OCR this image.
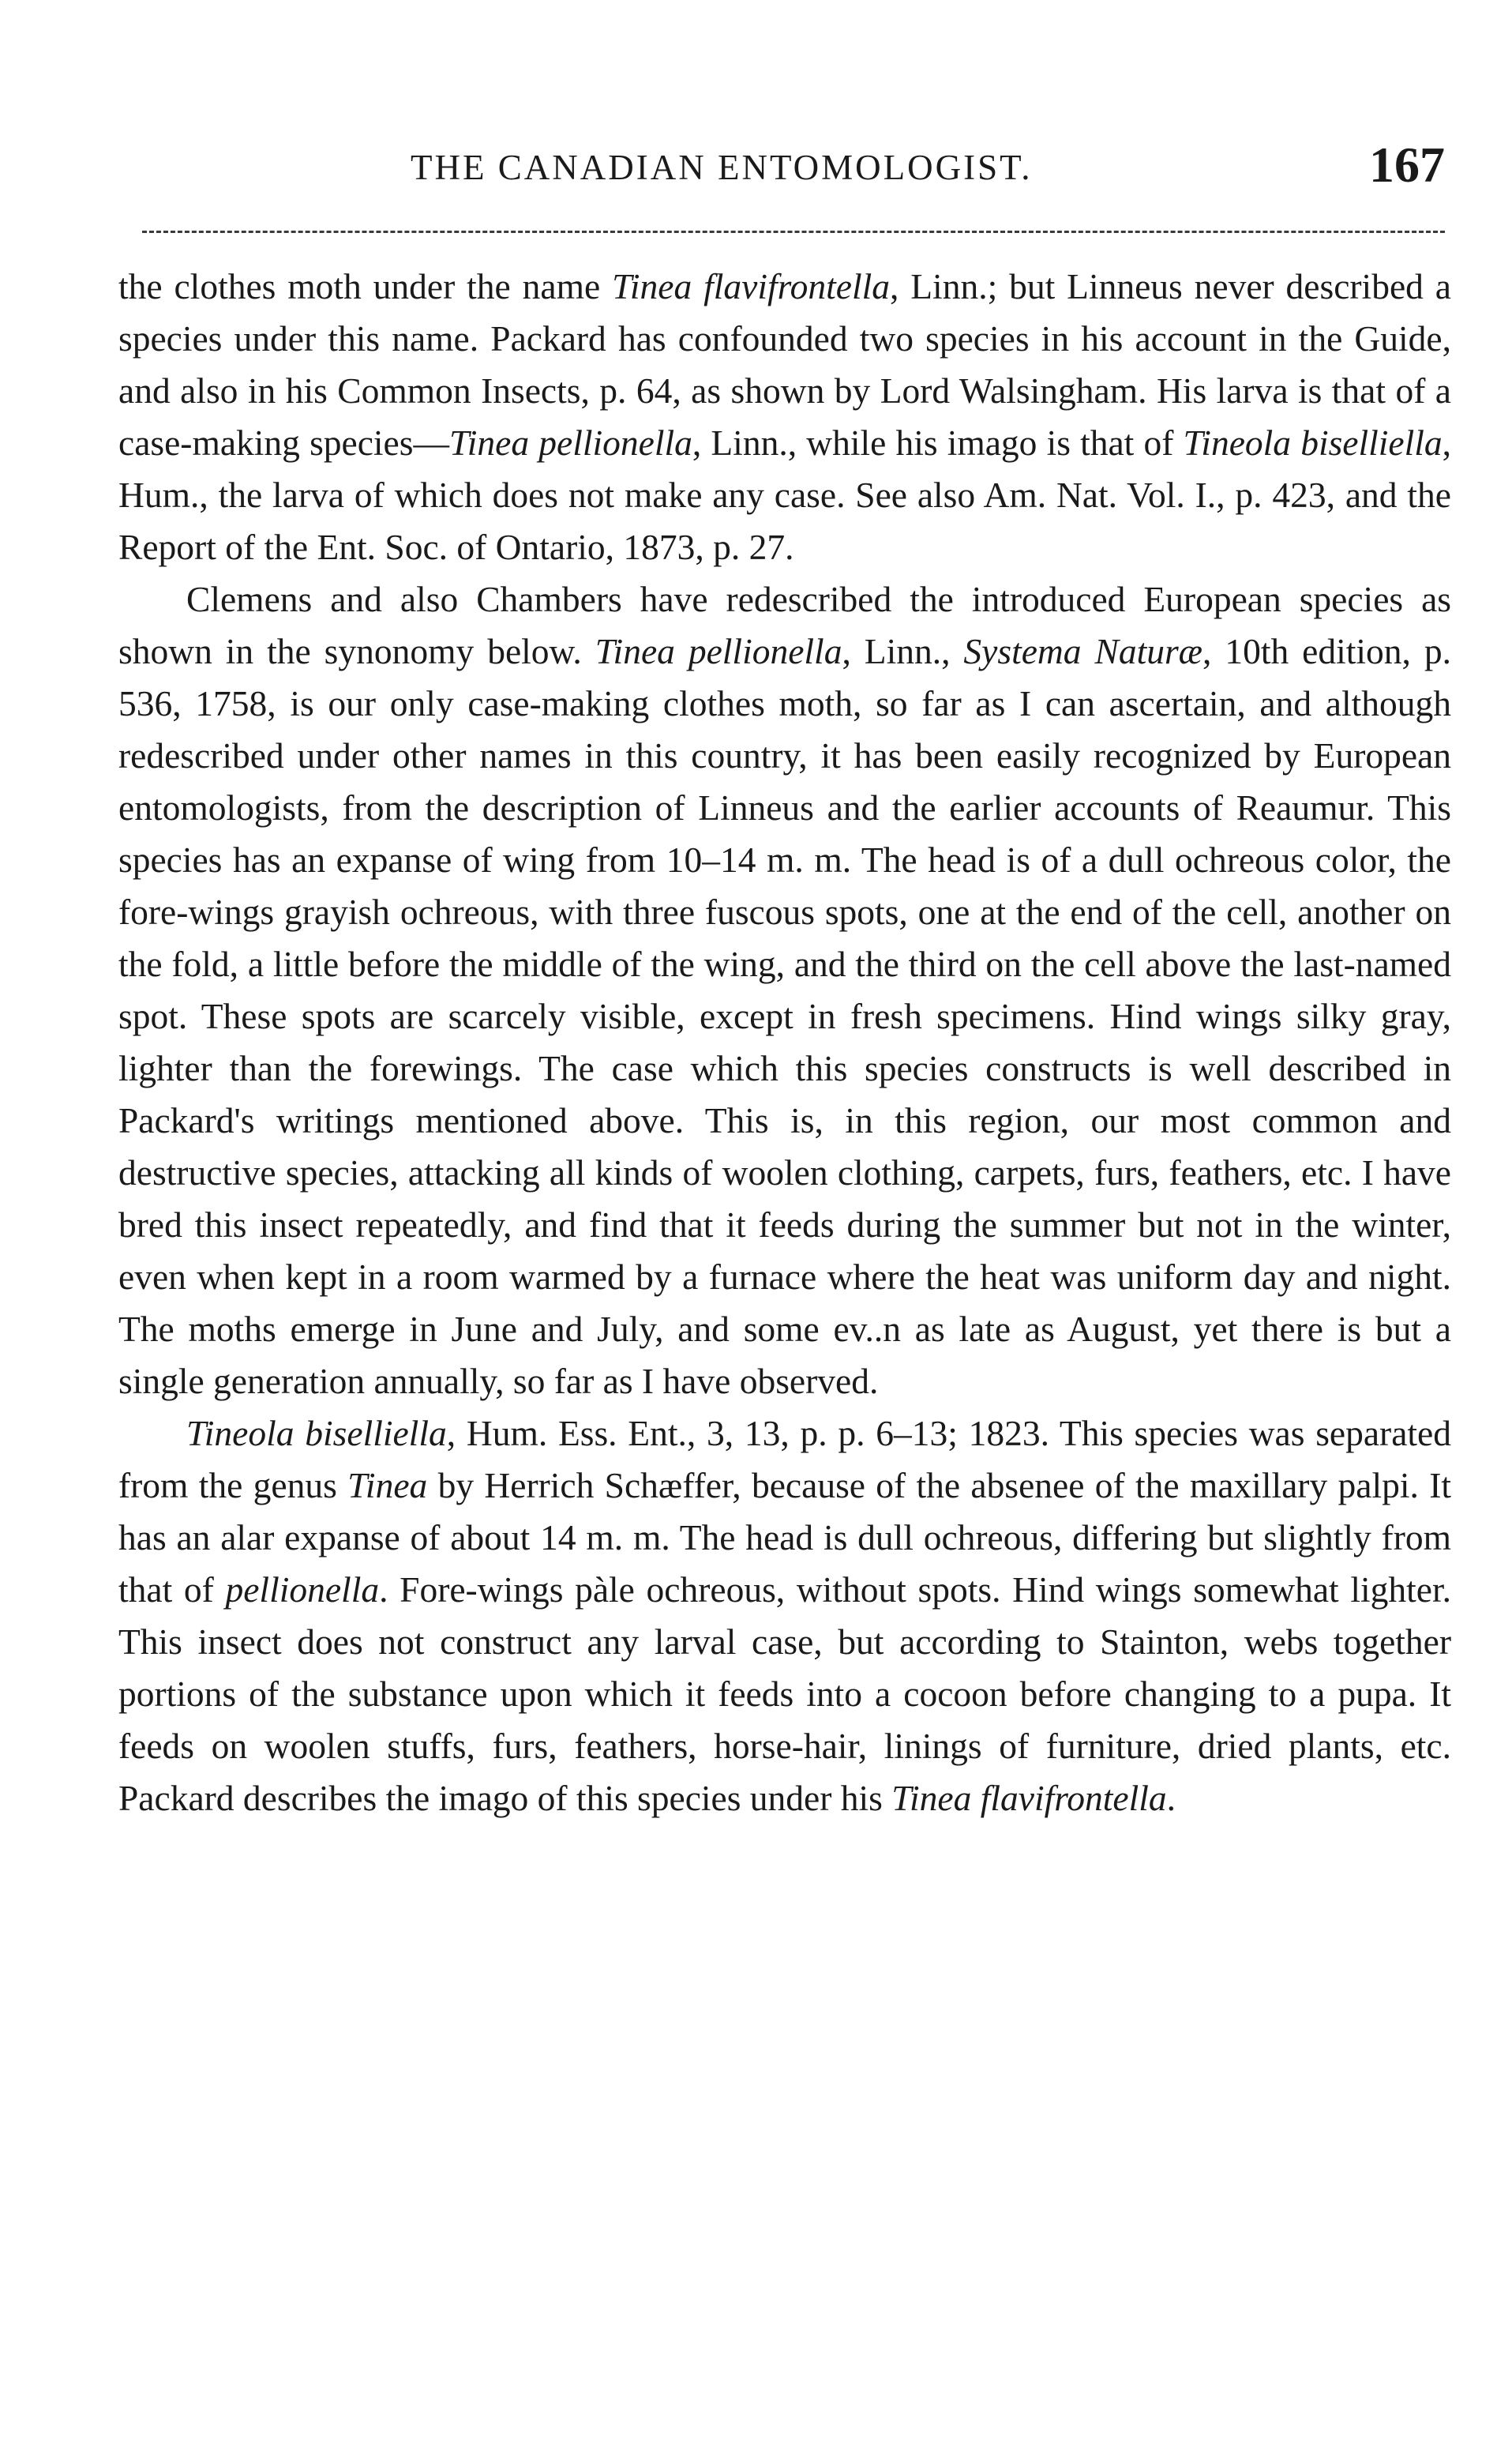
THE CANADIAN ENTOMOLOGIST.	167

the clothes moth under the name Tinea flavifrontella, Linn.; but Linneus never described a species under this name. Packard has confounded two species in his account in the Guide, and also in his Common Insects, p. 64, as shown by Lord Walsingham. His larva is that of a case-making species—Tinea pellionella, Linn., while his imago is that of Tineola biselliella, Hum., the larva of which does not make any case. See also Am. Nat. Vol. I., p. 423, and the Report of the Ent. Soc. of Ontario, 1873, p. 27.

Clemens and also Chambers have redescribed the introduced European species as shown in the synonomy below. Tinea pellionella, Linn., Systema Naturæ, 10th edition, p. 536, 1758, is our only case-making clothes moth, so far as I can ascertain, and although redescribed under other names in this country, it has been easily recognized by European entomologists, from the description of Linneus and the earlier accounts of Reaumur. This species has an expanse of wing from 10–14 m. m. The head is of a dull ochreous color, the fore-wings grayish ochreous, with three fuscous spots, one at the end of the cell, another on the fold, a little before the middle of the wing, and the third on the cell above the last-named spot. These spots are scarcely visible, except in fresh specimens. Hind wings silky gray, lighter than the forewings. The case which this species constructs is well described in Packard's writings mentioned above. This is, in this region, our most common and destructive species, attacking all kinds of woolen clothing, carpets, furs, feathers, etc. I have bred this insect repeatedly, and find that it feeds during the summer but not in the winter, even when kept in a room warmed by a furnace where the heat was uniform day and night. The moths emerge in June and July, and some ev..n as late as August, yet there is but a single generation annually, so far as I have observed.

Tineola biselliella, Hum. Ess. Ent., 3, 13, p. p. 6–13; 1823. This species was separated from the genus Tinea by Herrich Schæffer, because of the absenee of the maxillary palpi. It has an alar expanse of about 14 m. m. The head is dull ochreous, differing but slightly from that of pellionella. Fore-wings pàle ochreous, without spots. Hind wings somewhat lighter. This insect does not construct any larval case, but according to Stainton, webs together portions of the substance upon which it feeds into a cocoon before changing to a pupa. It feeds on woolen stuffs, furs, feathers, horse-hair, linings of furniture, dried plants, etc. Packard describes the imago of this species under his Tinea flavifrontella.
